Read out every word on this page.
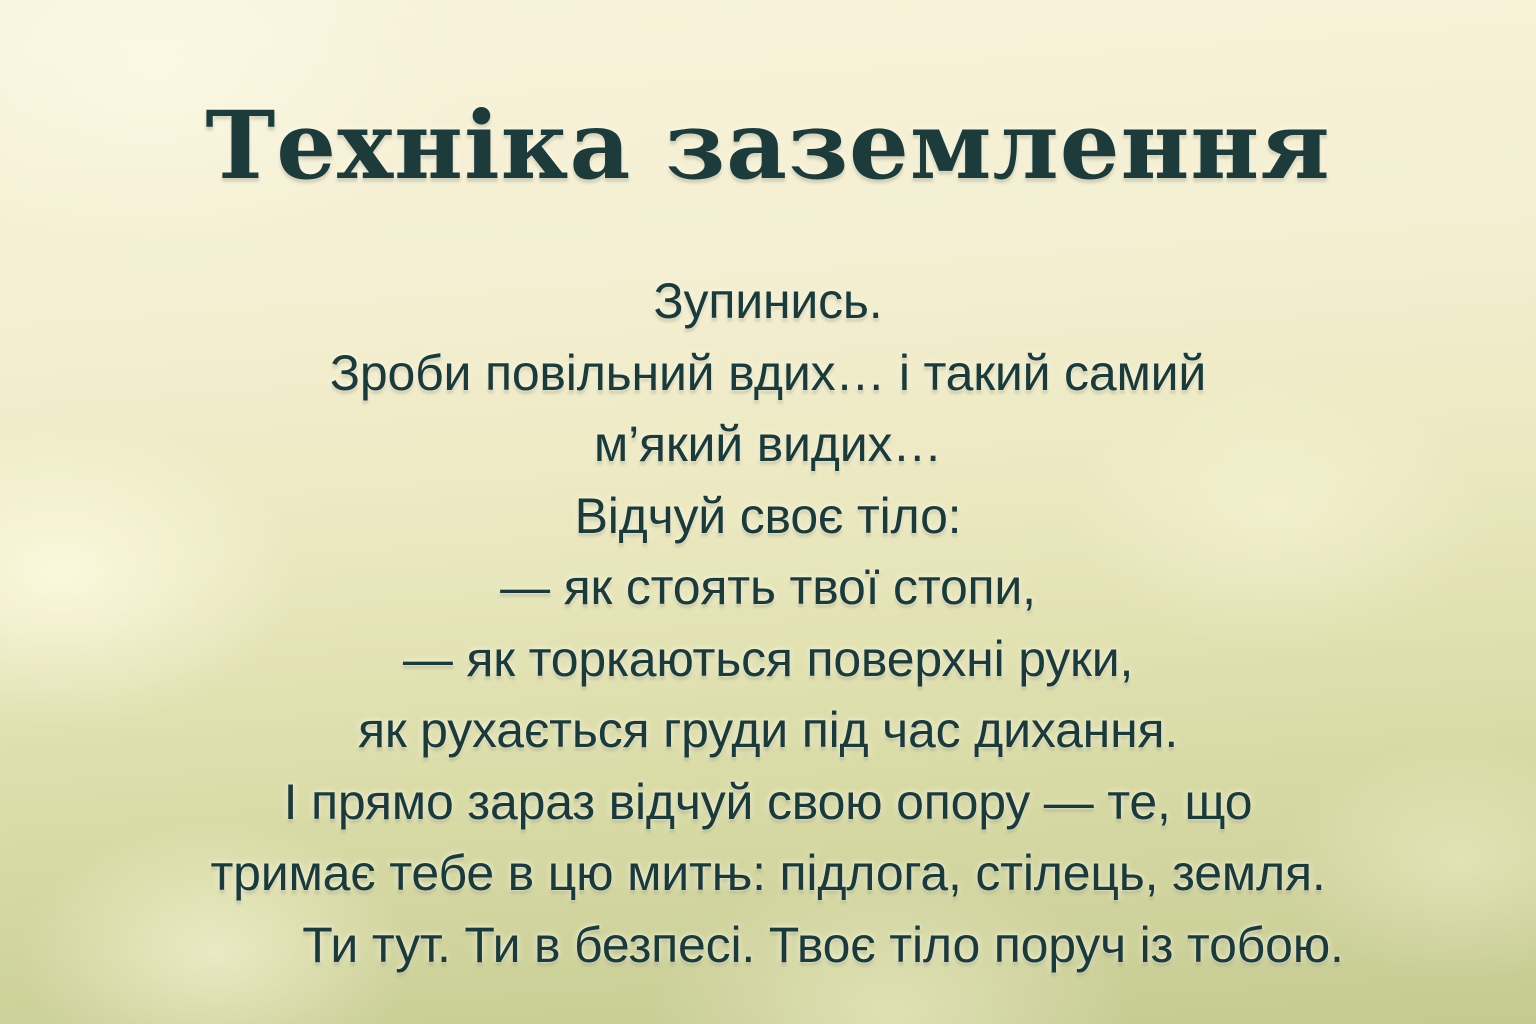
Техніка заземлення

Зупинись.

Зроби повільний вдих… і такий самий

м’який видих…

Відчуй своє тіло:

— як стоять твої стопи,

— як торкаються поверхні руки,

як рухається груди під час дихання.

І прямо зараз відчуй свою опору — те, що

тримає тебе в цю митњ: підлога, стілець, земля.

Ти тут. Ти в безпесі. Твоє тіло поруч із тобою.
